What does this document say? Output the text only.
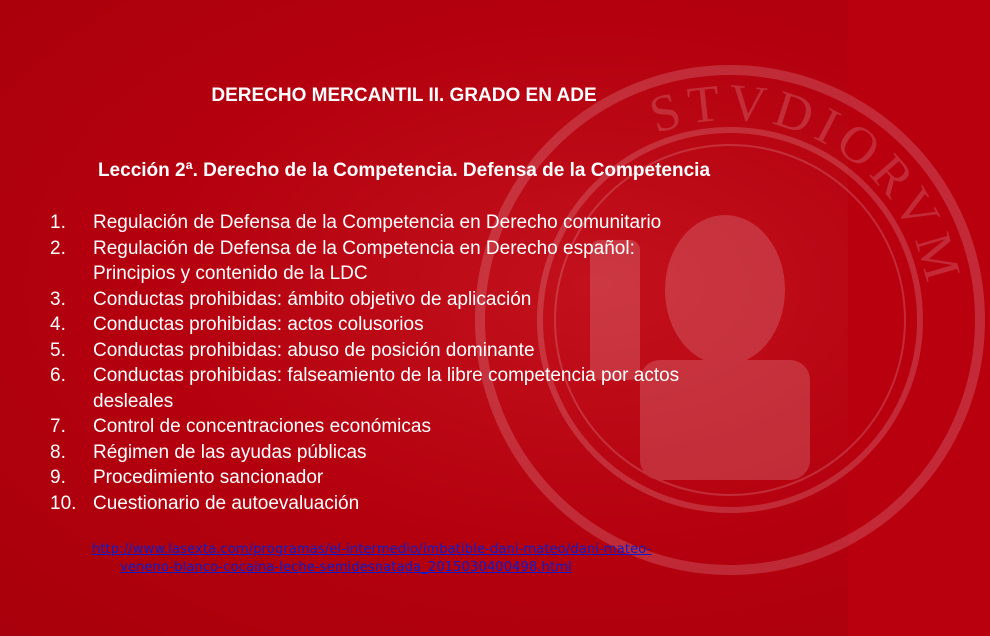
STVDIORVM
DERECHO MERCANTIL II. GRADO EN ADE
Lección 2ª. Derecho de la Competencia. Defensa de la Competencia
1.	Regulación de Defensa de la Competencia en Derecho comunitario
2.	Regulación de Defensa de la Competencia en Derecho español:
Principios y contenido de la LDC
3.	Conductas prohibidas: ámbito objetivo de aplicación
4.	Conductas prohibidas: actos colusorios
5.	Conductas prohibidas: abuso de posición dominante
6.	Conductas prohibidas: falseamiento de la libre competencia por actos
desleales
7.	Control de concentraciones económicas
8.	Régimen de las ayudas públicas
9.	Procedimiento sancionador
10. Cuestionario de autoevaluación
http://www.lasexta.com/programas/el-intermedio/imbatible-dani-mateo/dani-mateo-
veneno-blanco-cocaina-leche-semidesnatada_2015030400498.html
